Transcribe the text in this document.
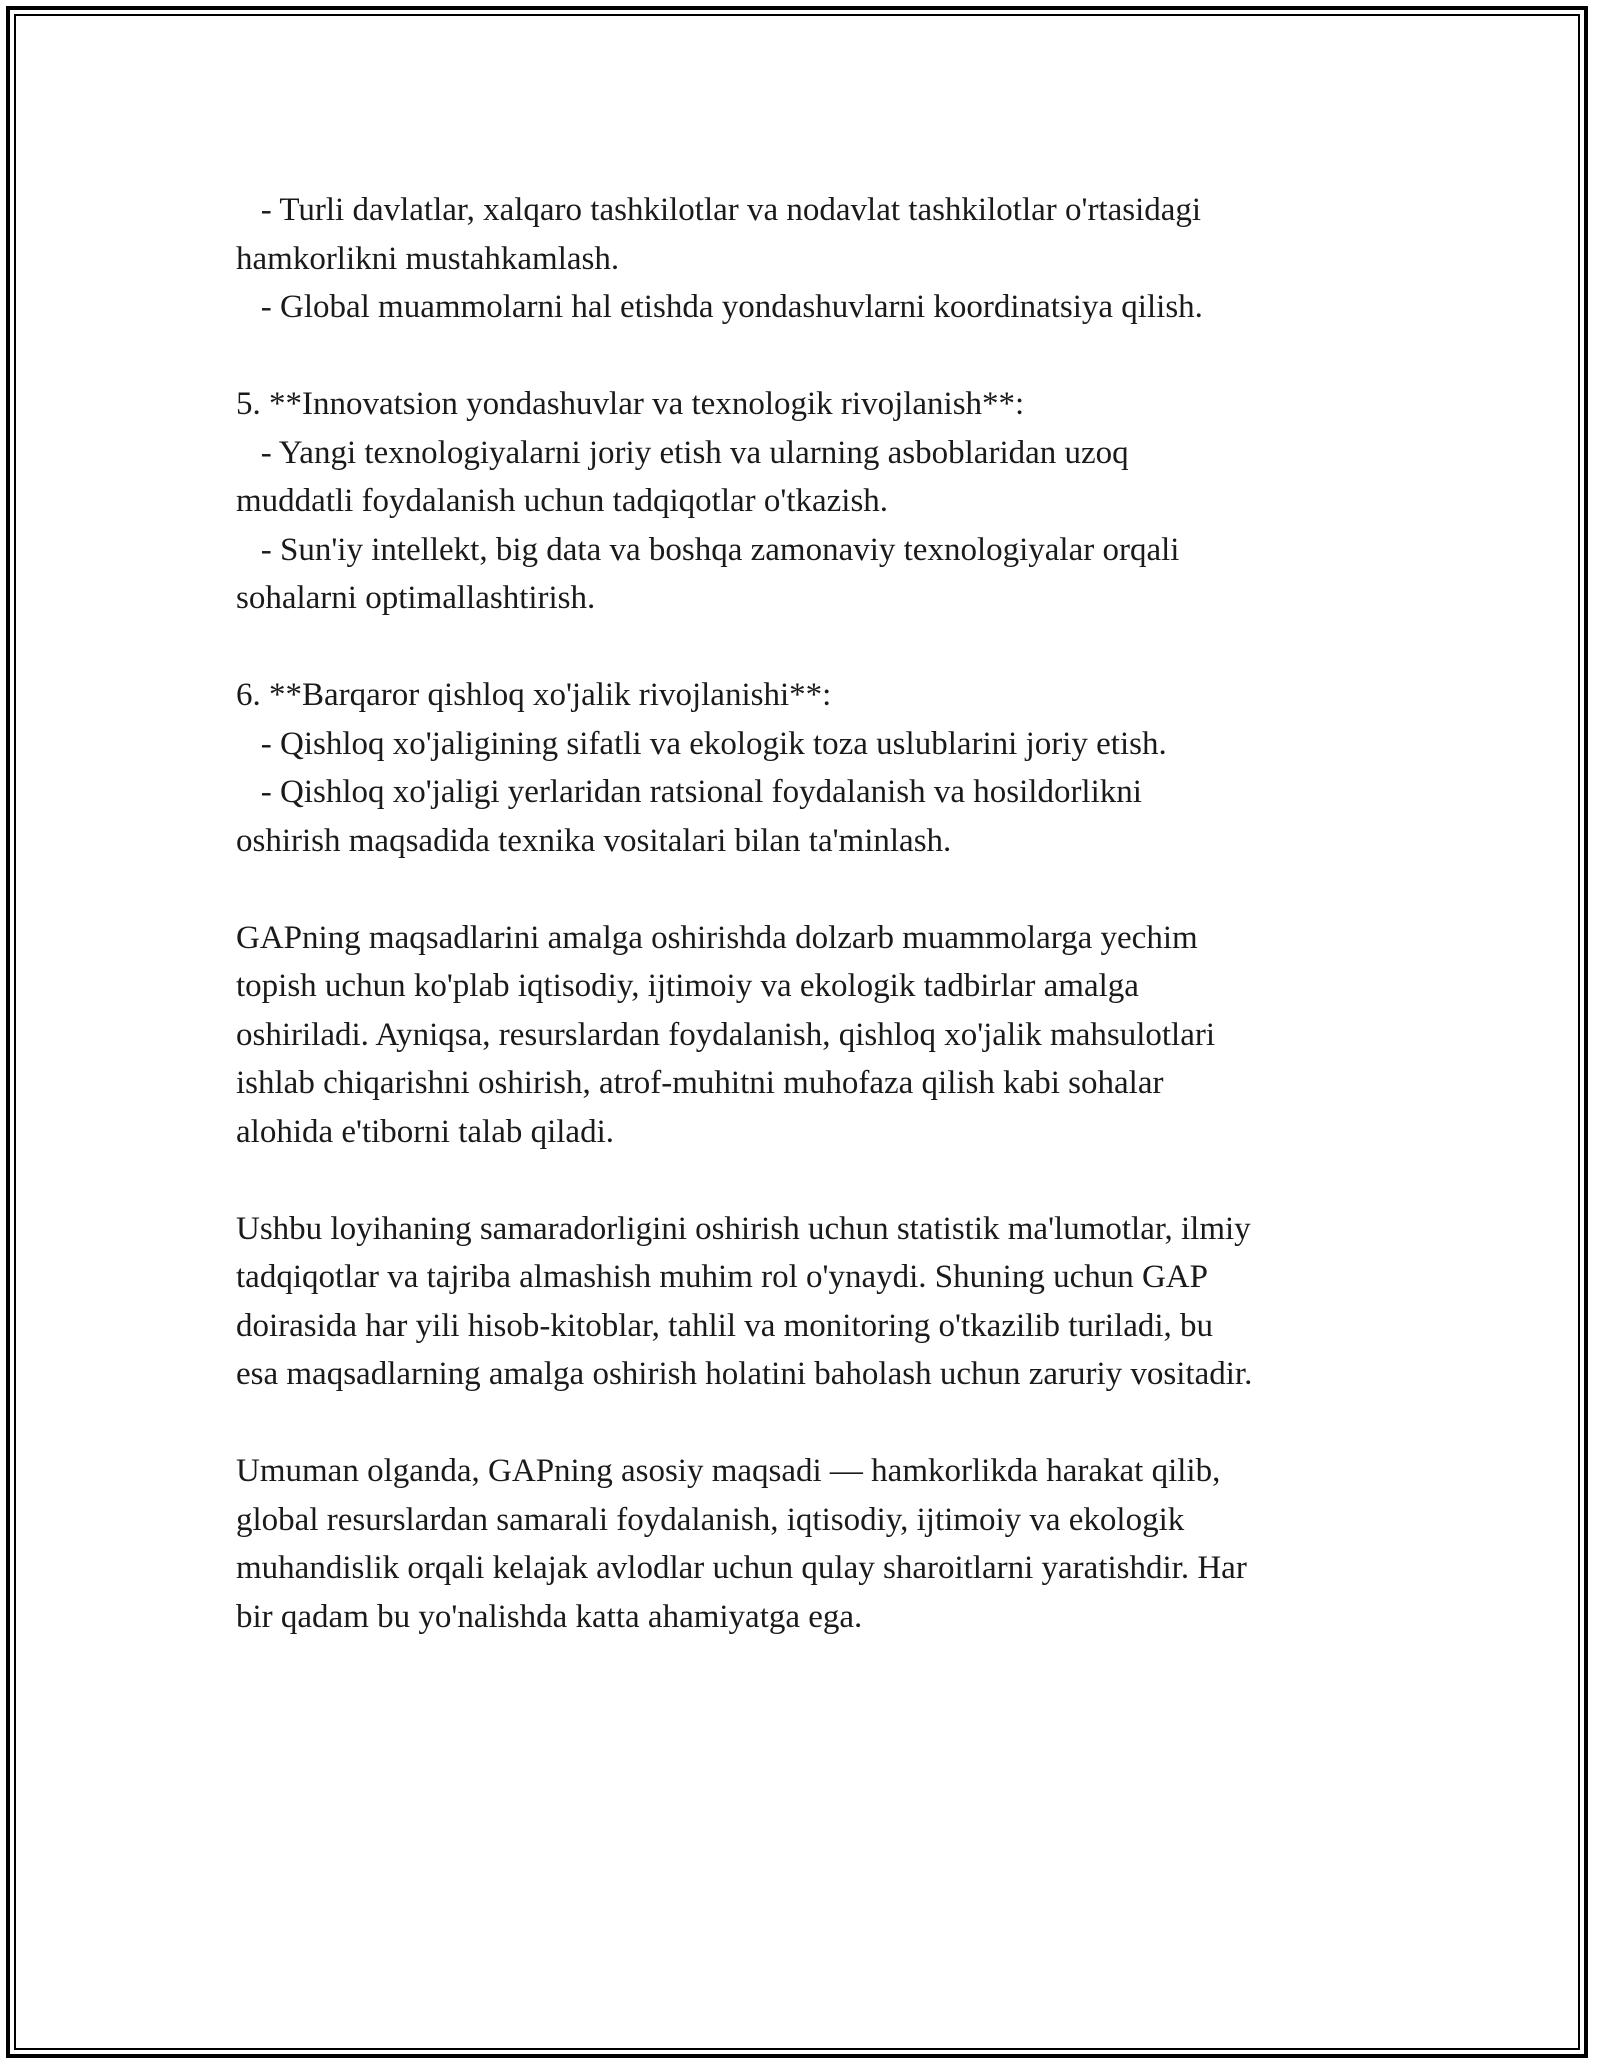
- Turli davlatlar, xalqaro tashkilotlar va nodavlat tashkilotlar o'rtasidagi
hamkorlikni mustahkamlash.
- Global muammolarni hal etishda yondashuvlarni koordinatsiya qilish.
5. **Innovatsion yondashuvlar va texnologik rivojlanish**:
- Yangi texnologiyalarni joriy etish va ularning asboblaridan uzoq
muddatli foydalanish uchun tadqiqotlar o'tkazish.
- Sun'iy intellekt, big data va boshqa zamonaviy texnologiyalar orqali
sohalarni optimallashtirish.
6. **Barqaror qishloq xo'jalik rivojlanishi**:
- Qishloq xo'jaligining sifatli va ekologik toza uslublarini joriy etish.
- Qishloq xo'jaligi yerlaridan ratsional foydalanish va hosildorlikni
oshirish maqsadida texnika vositalari bilan ta'minlash.
GAPning maqsadlarini amalga oshirishda dolzarb muammolarga yechim
topish uchun ko'plab iqtisodiy, ijtimoiy va ekologik tadbirlar amalga
oshiriladi. Ayniqsa, resurslardan foydalanish, qishloq xo'jalik mahsulotlari
ishlab chiqarishni oshirish, atrof-muhitni muhofaza qilish kabi sohalar
alohida e'tiborni talab qiladi.
Ushbu loyihaning samaradorligini oshirish uchun statistik ma'lumotlar, ilmiy
tadqiqotlar va tajriba almashish muhim rol o'ynaydi. Shuning uchun GAP
doirasida har yili hisob-kitoblar, tahlil va monitoring o'tkazilib turiladi, bu
esa maqsadlarning amalga oshirish holatini baholash uchun zaruriy vositadir.
Umuman olganda, GAPning asosiy maqsadi — hamkorlikda harakat qilib,
global resurslardan samarali foydalanish, iqtisodiy, ijtimoiy va ekologik
muhandislik orqali kelajak avlodlar uchun qulay sharoitlarni yaratishdir. Har
bir qadam bu yo'nalishda katta ahamiyatga ega.
